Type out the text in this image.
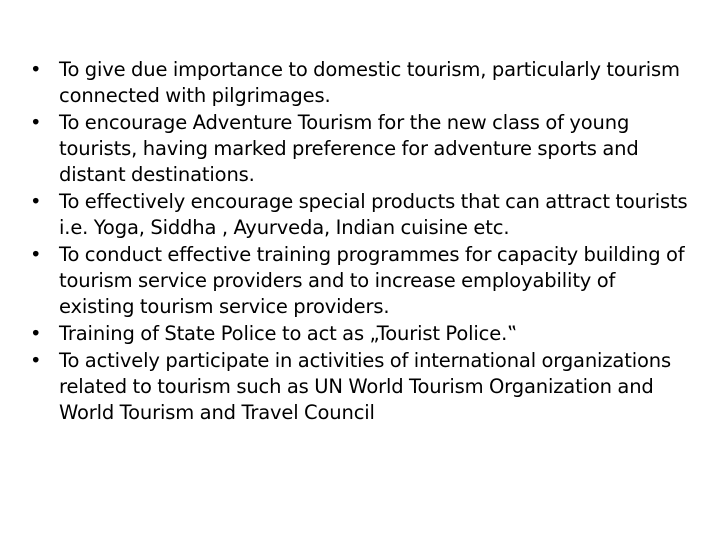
• To give due importance to domestic tourism, particularly tourism connected with pilgrimages.
• To encourage Adventure Tourism for the new class of young tourists, having marked preference for adventure sports and distant destinations.
• To effectively encourage special products that can attract tourists i.e. Yoga, Siddha , Ayurveda, Indian cuisine etc.
• To conduct effective training programmes for capacity building of tourism service providers and to increase employability of existing tourism service providers.
• Training of State Police to act as „Tourist Police.‟
• To actively participate in activities of international organizations related to tourism such as UN World Tourism Organization and World Tourism and Travel Council
